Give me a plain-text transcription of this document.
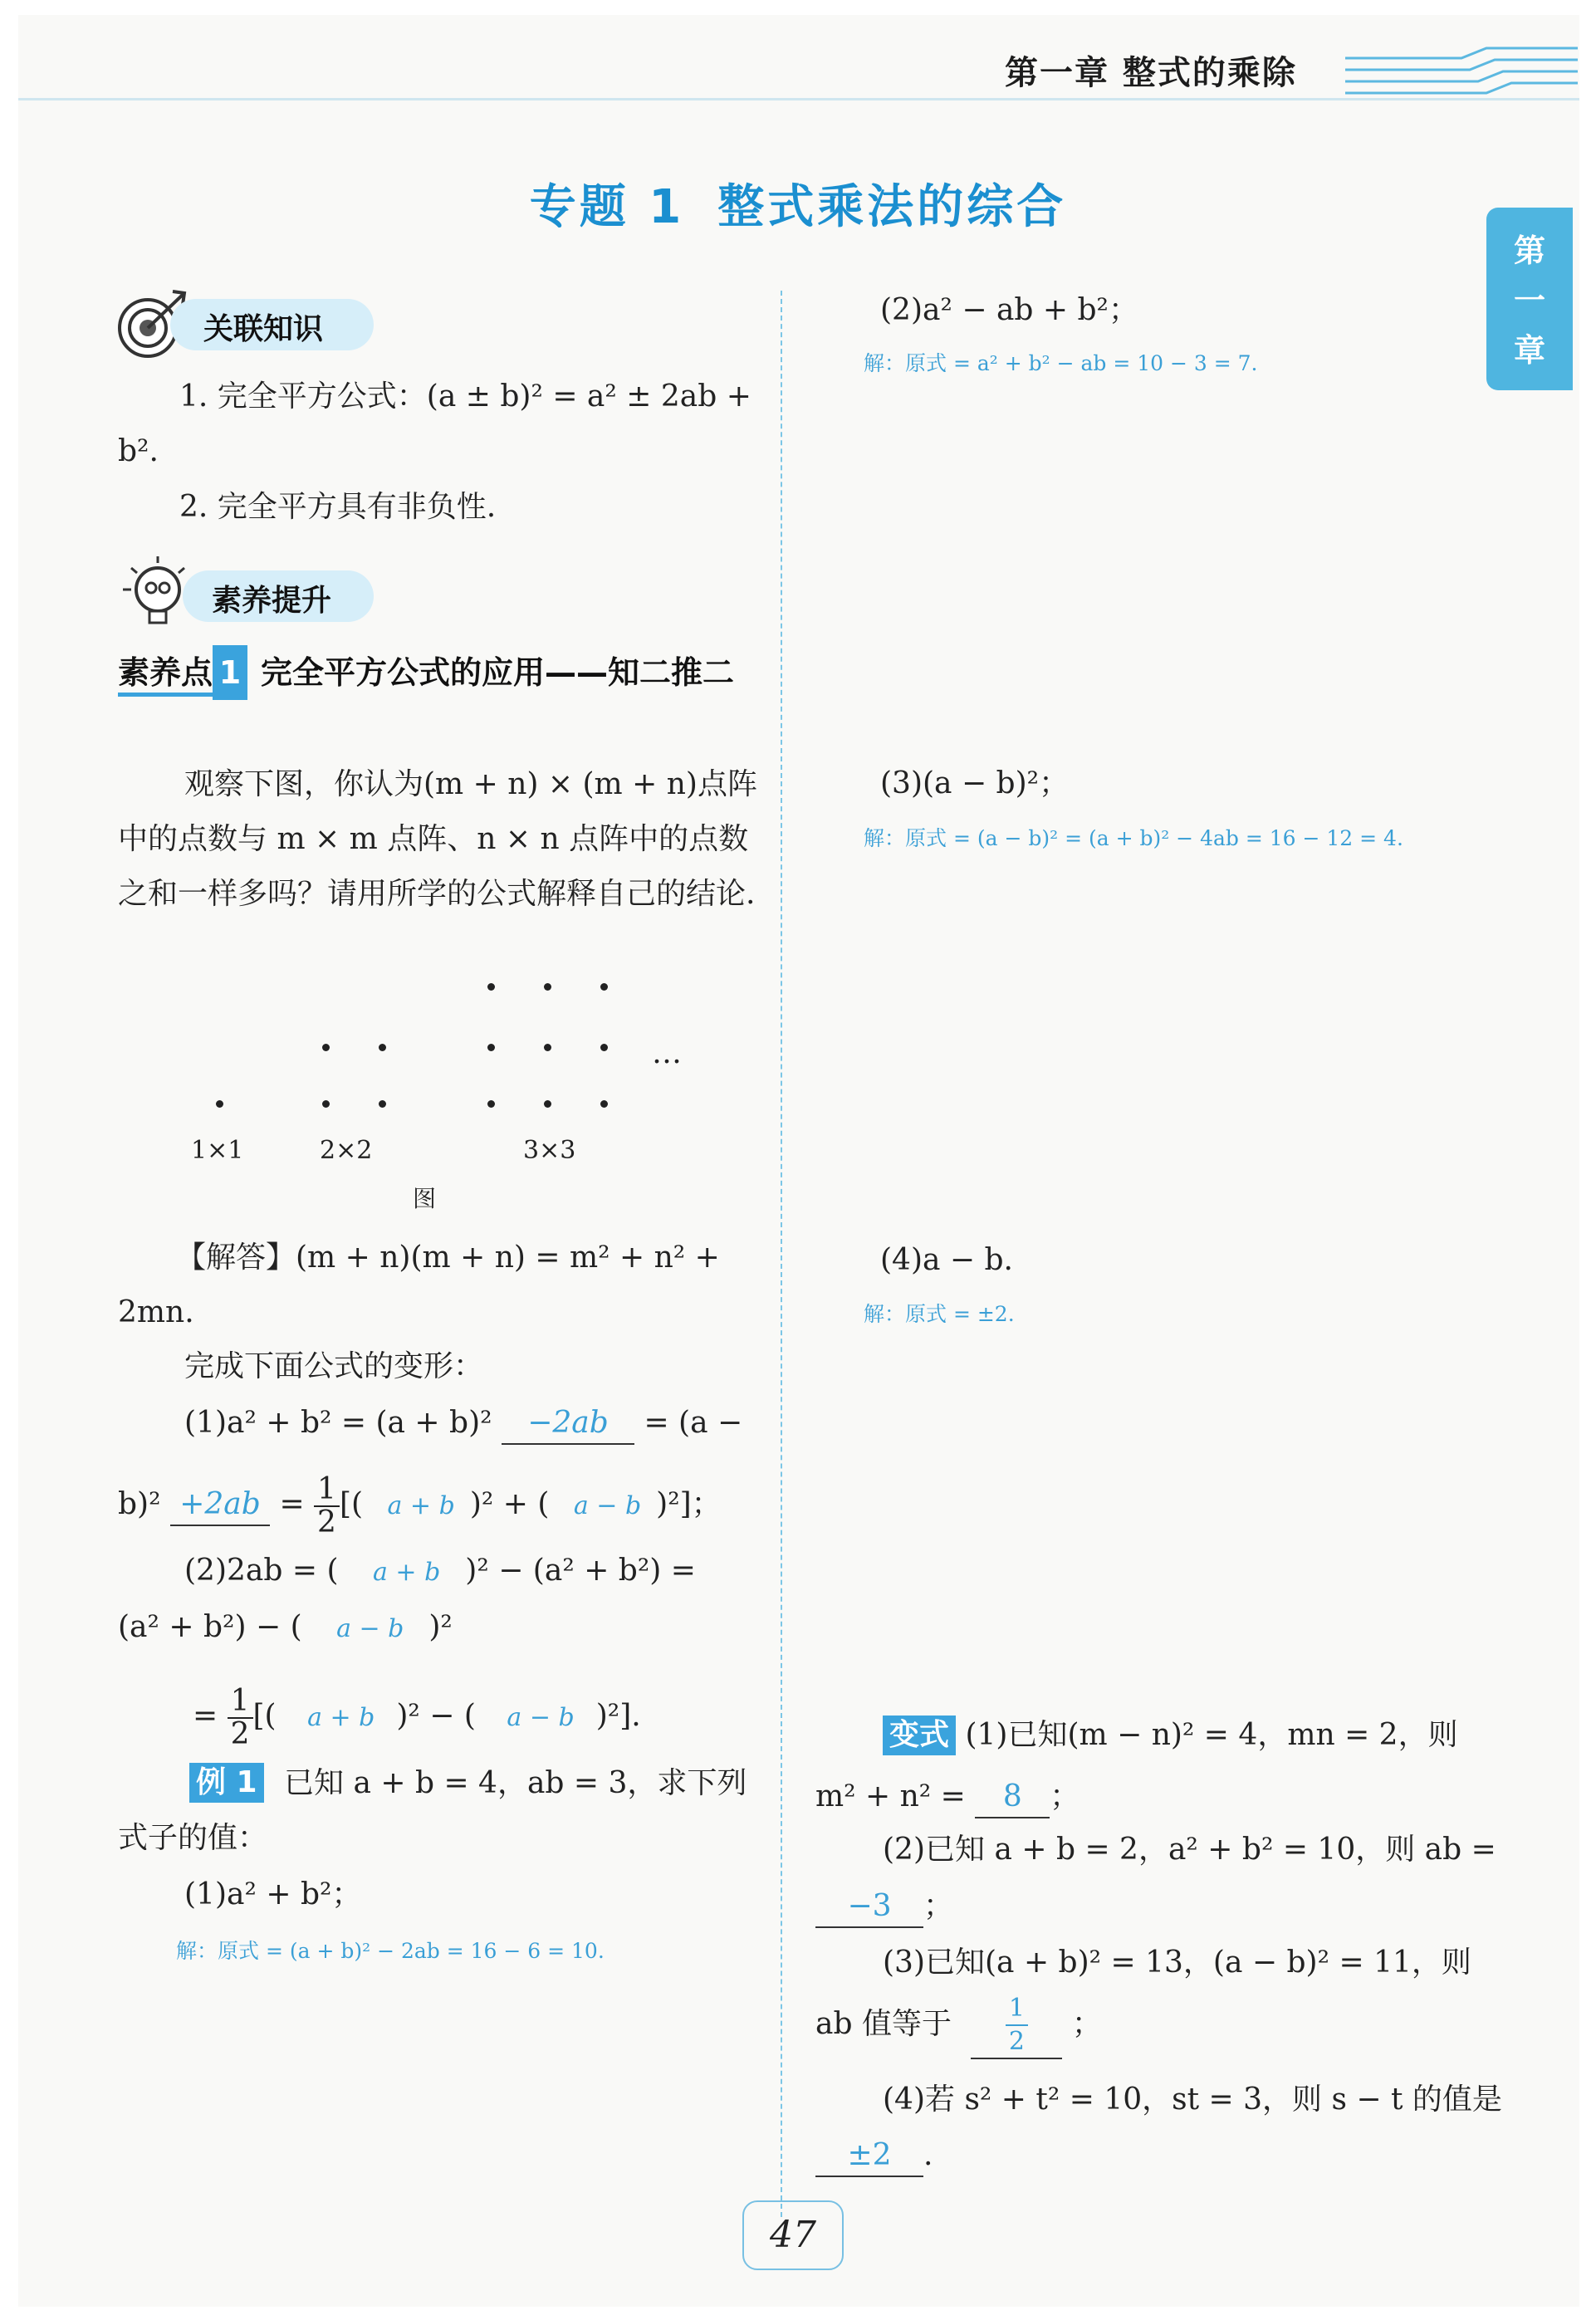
第一章 整式的乘除
第一章
专题 1 整式乘法的综合
关联知识
1. 完全平方公式：(a ± b)² = a² ± 2ab + b².
2. 完全平方具有非负性.
素养提升
素养点 1 完全平方公式的应用——知二推二
观察下图，你认为(m + n) × (m + n)点阵中的点数与 m × m 点阵、n × n 点阵中的点数之和一样多吗？请用所学的公式解释自己的结论.
…
1×1	2×2	3×3
图
【解答】(m + n)(m + n) = m² + n² + 2mn.
完成下面公式的变形：
(1)a² + b² = (a + b)² −2ab = (a −
$b)^2 +2ab = \frac{1}{2}$ [( a + b )² + ( a − b )²]；
(2)2ab = ( a + b )² − (a² + b²) =
(a² + b²) − ( a − b )²
= $\frac{1}{2}$ [( a + b )² − ( a − b )²].
例 1 已知 a + b = 4，ab = 3，求下列式子的值：
(1)a² + b²；
解：原式 = (a + b)² − 2ab = 16 − 6 = 10.
(2)a² − ab + b²；
解：原式 = a² + b² − ab = 10 − 3 = 7.
(3)(a − b)²；
解：原式 = (a − b)² = (a + b)² − 4ab = 16 − 12 = 4.
(4)a − b.
解：原式 = ±2.
变式 (1)已知(m − n)² = 4，mn = 2，则
m² + n² = 8 ；
(2)已知 a + b = 2，a² + b² = 10，则 ab =
−3 ；
(3)已知(a + b)² = 13，(a − b)² = 11，则
ab 值等于 $\frac{1}{2}$ ；
(4)若 s² + t² = 10，st = 3，则 s − t 的值是
±2 .
47
